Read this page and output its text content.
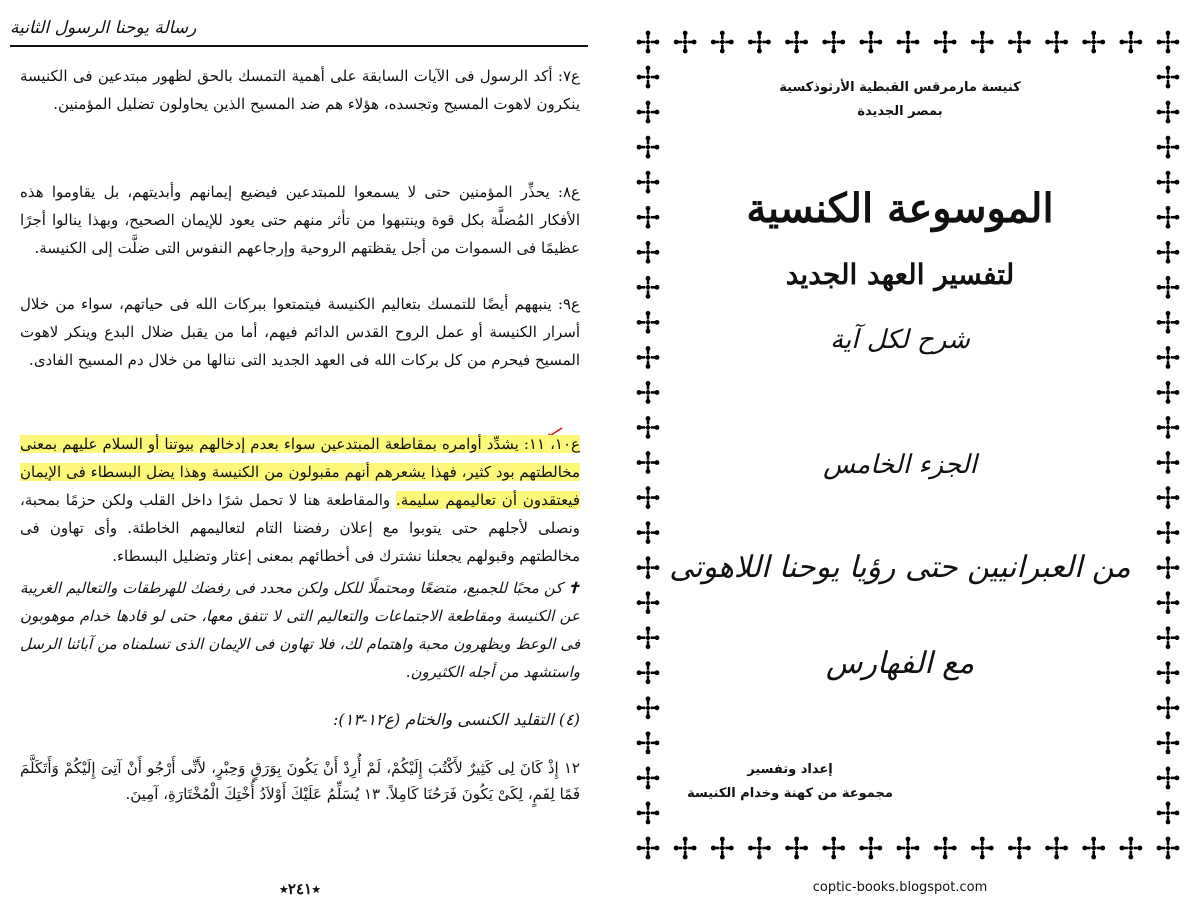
رسالة يوحنا الرسول الثانية

ع٧: أكد الرسول فى الآيات السابقة على أهمية التمسك بالحق لظهور مبتدعين فى الكنيسة ينكرون لاهوت المسيح وتجسده، هؤلاء هم ضد المسيح الذين يحاولون تضليل المؤمنين.

ع٨: يحذِّر المؤمنين حتى لا يسمعوا للمبتدعين فيضيع إيمانهم وأبديتهم، بل يقاوموا هذه الأفكار المُضلَّة بكل قوة وينتبهوا من تأثر منهم حتى يعود للإيمان الصحيح، وبهذا ينالوا أجرًا عظيمًا فى السموات من أجل يقظتهم الروحية وإرجاعهم النفوس التى ضلَّت إلى الكنيسة.

ع٩: ينبههم أيضًا للتمسك بتعاليم الكنيسة فيتمتعوا ببركات الله فى حياتهم، سواء من خلال أسرار الكنيسة أو عمل الروح القدس الدائم فيهم، أما من يقبل ضلال البدع وينكر لاهوت المسيح فيحرم من كل بركات الله فى العهد الجديد التى ننالها من خلال دم المسيح الفادى.

ع١٠، ١١: يشدِّد أوامره بمقاطعة المبتدعين سواء بعدم إدخالهم بيوتنا أو السلام عليهم بمعنى مخالطتهم بود كثير، فهذا يشعرهم أنهم مقبولون من الكنيسة وهذا يضل البسطاء فى الإيمان فيعتقدون أن تعاليمهم سليمة. والمقاطعة هنا لا تحمل شرًا داخل القلب ولكن حزمًا بمحبة، ونصلى لأجلهم حتى يتوبوا مع إعلان رفضنا التام لتعاليمهم الخاطئة. وأى تهاون فى مخالطتهم وقبولهم يجعلنا نشترك فى أخطائهم بمعنى إعثار وتضليل البسطاء.

✝ كن محبًا للجميع، متضعًا ومحتملًا للكل ولكن محدد فى رفضك للهرطقات والتعاليم الغريبة عن الكنيسة ومقاطعة الاجتماعات والتعاليم التى لا تتفق معها، حتى لو قادها خدام موهوبون فى الوعظ ويظهرون محبة واهتمام لك، فلا تهاون فى الإيمان الذى تسلمناه من آبائنا الرسل واستشهد من أجله الكثيرون.

(٤) التقليد الكنسى والختام (ع١٢-١٣):
١٢ إِذْ كَانَ لِى كَثِيرٌ لأَكْتُبَ إِلَيْكُمْ، لَمْ أُرِدْ أَنْ يَكُونَ بِوَرَقٍ وَحِبْرٍ، لأَنِّى أَرْجُو أَنْ آتِىَ إِلَيْكُمْ وَأَتَكَلَّمَ فَمًا لِفَمٍ، لِكَىْ يَكُونَ فَرَحُنَا كَامِلاً. ١٣ يُسَلِّمُ عَلَيْكَ أَوْلاَدُ أُخْتِكَ الْمُخْتَارَةِ، آمِينَ.
٭٢٤١٭
كنيسة مارمرقس القبطية الأرثوذكسية
بمصر الجديدة
الموسوعة الكنسية
لتفسير العهد الجديد
شرح لكل آية
الجزء الخامس
من العبرانيين حتى رؤيا يوحنا اللاهوتى
مع الفهارس
إعداد وتفسير
مجموعة من كهنة وخدام الكنيسة
coptic-books.blogspot.com
